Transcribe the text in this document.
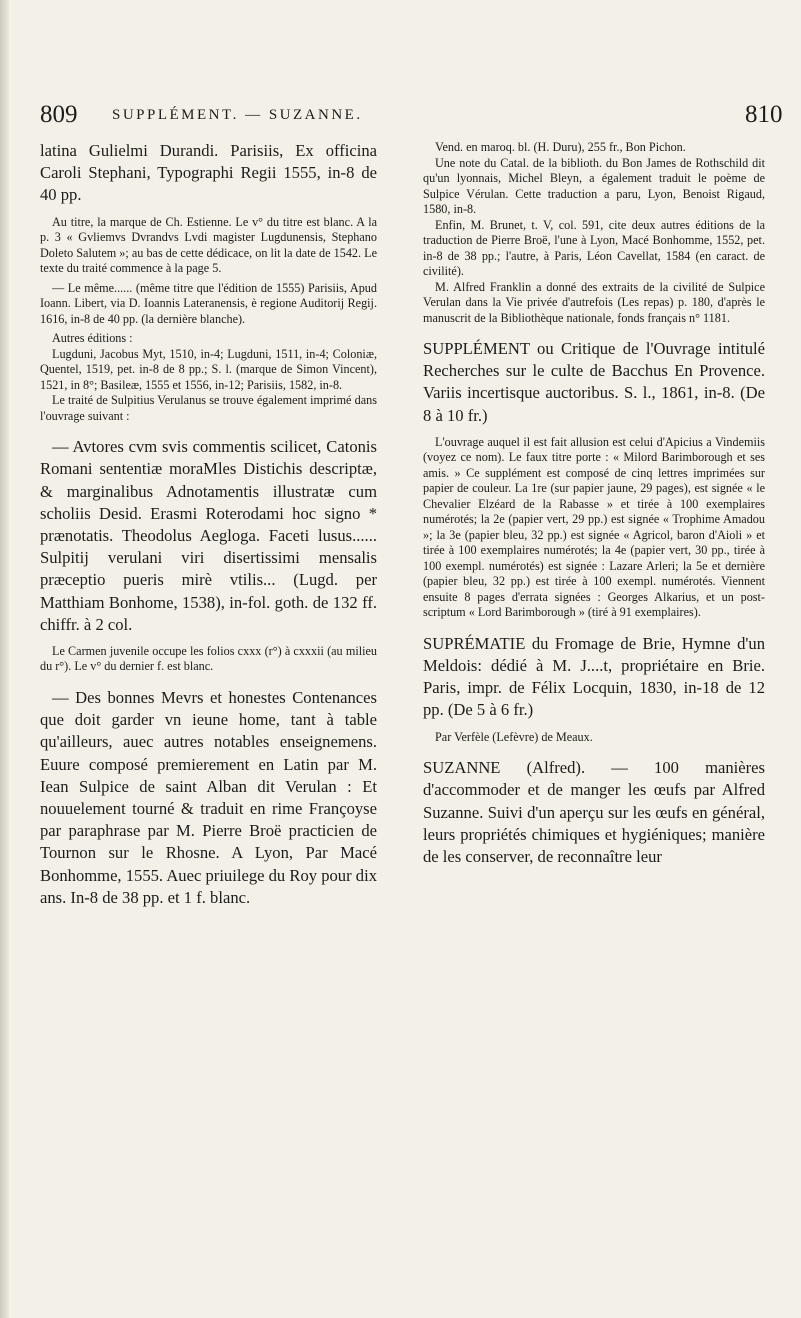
809 SUPPLÉMENT. — SUZANNE.	810

latina Gulielmi Durandi. Parisiis, Ex officina Caroli Stephani, Typographi Regii 1555, in-8 de 40 pp.

Au titre, la marque de Ch. Estienne. Le v° du titre est blanc. A la p. 3 « Gvliemvs Dvrandvs Lvdi magister Lugdunensis, Stephano Doleto Salutem »; au bas de cette dédicace, on lit la date de 1542. Le texte du traité commence à la page 5.

— Le même...... (même titre que l'édition de 1555) Parisiis, Apud Ioann. Libert, via D. Ioannis Lateranensis, è regione Auditorij Regij. 1616, in-8 de 40 pp. (la dernière blanche).

Autres éditions :

Lugduni, Jacobus Myt, 1510, in-4; Lugduni, 1511, in-4; Coloniæ, Quentel, 1519, pet. in-8 de 8 pp.; S. l. (marque de Simon Vincent), 1521, in 8°; Basileæ, 1555 et 1556, in-12; Parisiis, 1582, in-8.

Le traité de Sulpitius Verulanus se trouve également imprimé dans l'ouvrage suivant :

— Avtores cvm svis commentis scilicet, Catonis Romani sententiæ moraMles Distichis descriptæ, & marginalibus Adnotamentis illustratæ cum scholiis Desid. Erasmi Roterodami hoc signo * prænotatis. Theodolus Aegloga. Faceti lusus...... Sulpitij verulani viri disertissimi mensalis præceptio pueris mirè vtilis... (Lugd. per Matthiam Bonhome, 1538), in-fol. goth. de 132 ff. chiffr. à 2 col.

Le Carmen juvenile occupe les folios cxxx (r°) à cxxxii (au milieu du r°). Le v° du dernier f. est blanc.

— Des bonnes Mevrs et honestes Contenances que doit garder vn ieune home, tant à table qu'ailleurs, auec autres notables enseignemens. Euure composé premierement en Latin par M. Iean Sulpice de saint Alban dit Verulan : Et nouuelement tourné & traduit en rime Françoyse par paraphrase par M. Pierre Broë practicien de Tournon sur le Rhosne. A Lyon, Par Macé Bonhomme, 1555. Auec priuilege du Roy pour dix ans. In-8 de 38 pp. et 1 f. blanc.

Vend. en maroq. bl. (H. Duru), 255 fr., Bon Pichon.

Une note du Catal. de la biblioth. du Bon James de Rothschild dit qu'un lyonnais, Michel Bleyn, a également traduit le poème de Sulpice Vérulan. Cette traduction a paru, Lyon, Benoist Rigaud, 1580, in-8.

Enfin, M. Brunet, t. V, col. 591, cite deux autres éditions de la traduction de Pierre Broë, l'une à Lyon, Macé Bonhomme, 1552, pet. in-8 de 38 pp.; l'autre, à Paris, Léon Cavellat, 1584 (en caract. de civilité).

M. Alfred Franklin a donné des extraits de la civilité de Sulpice Verulan dans la Vie privée d'autrefois (Les repas) p. 180, d'après le manuscrit de la Bibliothèque nationale, fonds français n° 1181.

SUPPLÉMENT ou Critique de l'Ouvrage intitulé Recherches sur le culte de Bacchus En Provence. Variis incertisque auctoribus. S. l., 1861, in-8. (De 8 à 10 fr.)

L'ouvrage auquel il est fait allusion est celui d'Apicius a Vindemiis (voyez ce nom). Le faux titre porte : « Milord Barimborough et ses amis. » Ce supplément est composé de cinq lettres imprimées sur papier de couleur. La 1re (sur papier jaune, 29 pages), est signée « le Chevalier Elzéard de la Rabasse » et tirée à 100 exemplaires numérotés; la 2e (papier vert, 29 pp.) est signée « Trophime Amadou »; la 3e (papier bleu, 32 pp.) est signée « Agricol, baron d'Aioli » et tirée à 100 exemplaires numérotés; la 4e (papier vert, 30 pp., tirée à 100 exempl. numérotés) est signée : Lazare Arleri; la 5e et dernière (papier bleu, 32 pp.) est tirée à 100 exempl. numérotés. Viennent ensuite 8 pages d'errata signées : Georges Alkarius, et un post-scriptum « Lord Barimborough » (tiré à 91 exemplaires).

SUPRÉMATIE du Fromage de Brie, Hymne d'un Meldois: dédié à M. J....t, propriétaire en Brie. Paris, impr. de Félix Locquin, 1830, in-18 de 12 pp. (De 5 à 6 fr.)

Par Verfèle (Lefèvre) de Meaux.

SUZANNE (Alfred). — 100 manières d'accommoder et de manger les œufs par Alfred Suzanne. Suivi d'un aperçu sur les œufs en général, leurs propriétés chimiques et hygiéniques; manière de les conserver, de reconnaître leur
